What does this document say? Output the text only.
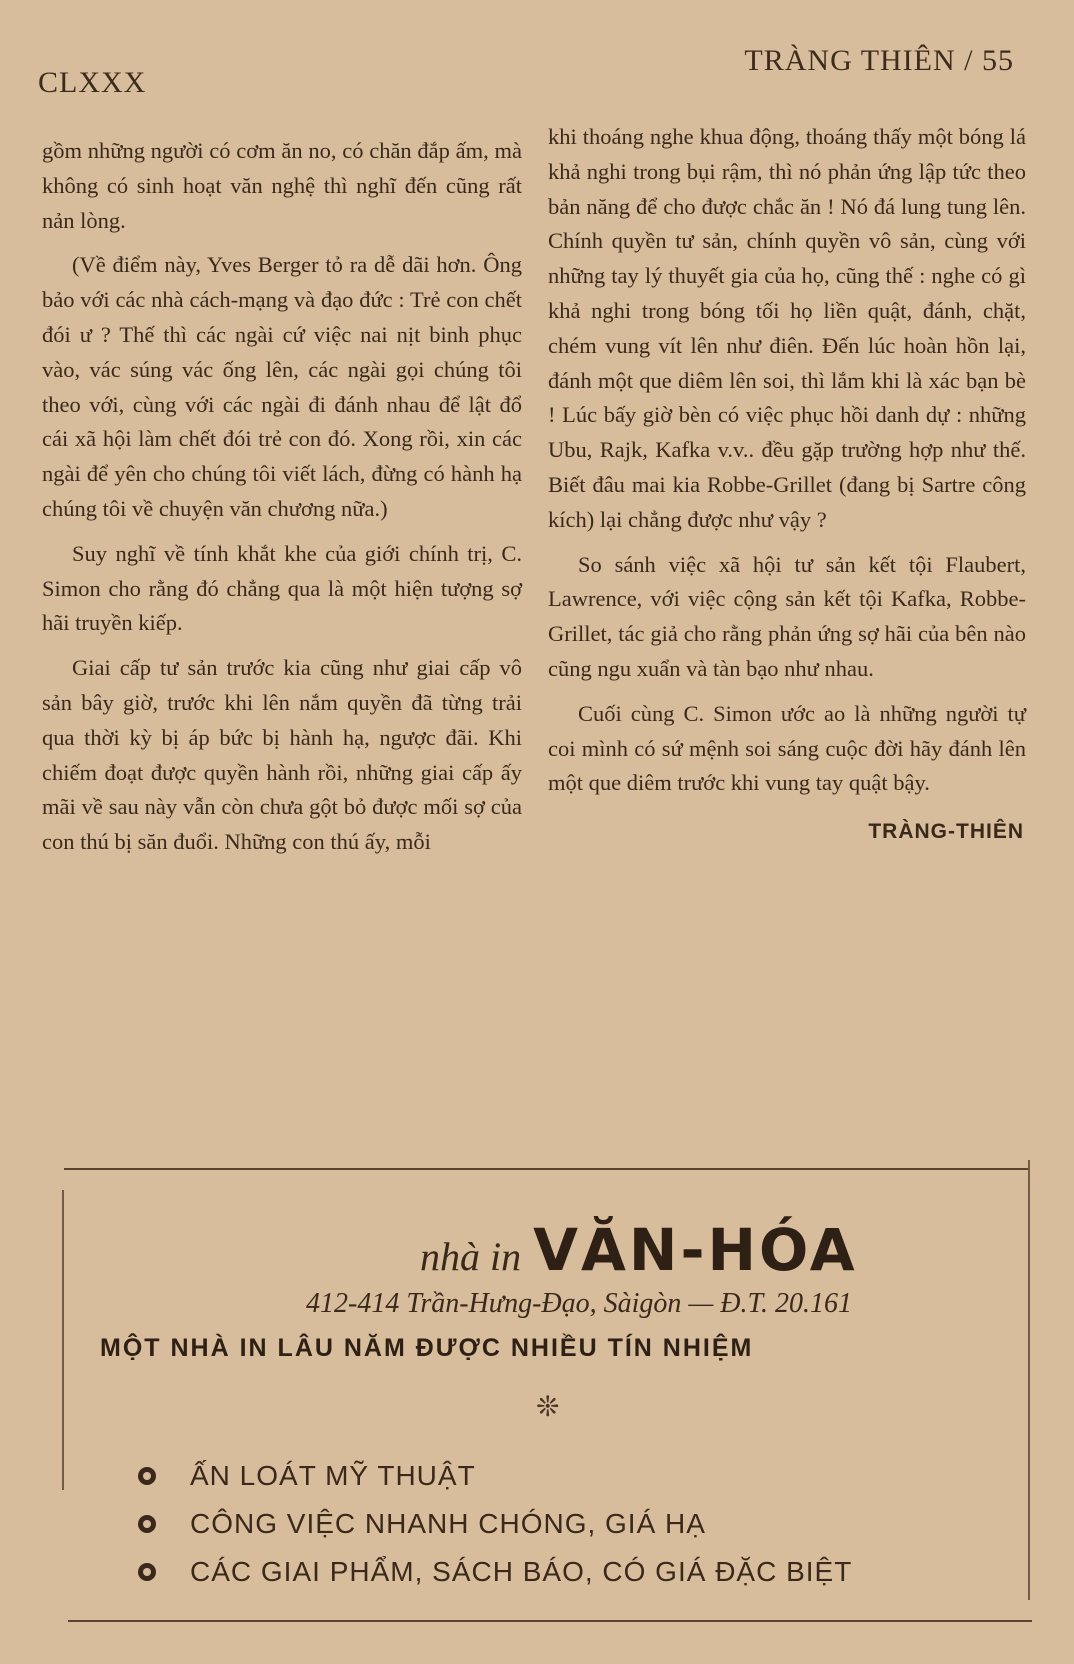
CLXXX
TRÀNG THIÊN / 55

gồm những người có cơm ăn no, có chăn đắp ấm, mà không có sinh hoạt văn nghệ thì nghĩ đến cũng rất nản lòng.

(Về điểm này, Yves Berger tỏ ra dễ dãi hơn. Ông bảo với các nhà cách-mạng và đạo đức : Trẻ con chết đói ư ? Thế thì các ngài cứ việc nai nịt binh phục vào, vác súng vác ống lên, các ngài gọi chúng tôi theo với, cùng với các ngài đi đánh nhau để lật đổ cái xã hội làm chết đói trẻ con đó. Xong rồi, xin các ngài để yên cho chúng tôi viết lách, đừng có hành hạ chúng tôi về chuyện văn chương nữa.)

Suy nghĩ về tính khắt khe của giới chính trị, C. Simon cho rằng đó chẳng qua là một hiện tượng sợ hãi truyền kiếp.

Giai cấp tư sản trước kia cũng như giai cấp vô sản bây giờ, trước khi lên nắm quyền đã từng trải qua thời kỳ bị áp bức bị hành hạ, ngược đãi. Khi chiếm đoạt được quyền hành rồi, những giai cấp ấy mãi về sau này vẫn còn chưa gột bỏ được mối sợ của con thú bị săn đuổi. Những con thú ấy, mỗi

khi thoáng nghe khua động, thoáng thấy một bóng lá khả nghi trong bụi rậm, thì nó phản ứng lập tức theo bản năng để cho được chắc ăn ! Nó đá lung tung lên. Chính quyền tư sản, chính quyền vô sản, cùng với những tay lý thuyết gia của họ, cũng thế : nghe có gì khả nghi trong bóng tối họ liền quật, đánh, chặt, chém vung vít lên như điên. Đến lúc hoàn hồn lại, đánh một que diêm lên soi, thì lắm khi là xác bạn bè ! Lúc bấy giờ bèn có việc phục hồi danh dự : những Ubu, Rajk, Kafka v.v.. đều gặp trường hợp như thế. Biết đâu mai kia Robbe-Grillet (đang bị Sartre công kích) lại chẳng được như vậy ?

So sánh việc xã hội tư sản kết tội Flaubert, Lawrence, với việc cộng sản kết tội Kafka, Robbe-Grillet, tác giả cho rằng phản ứng sợ hãi của bên nào cũng ngu xuẩn và tàn bạo như nhau.

Cuối cùng C. Simon ước ao là những người tự coi mình có sứ mệnh soi sáng cuộc đời hãy đánh lên một que diêm trước khi vung tay quật bậy.

TRÀNG-THIÊN
nhà in VĂN-HÓA
412-414 Trần-Hưng-Đạo, Sàigòn — Đ.T. 20.161
MỘT NHÀ IN LÂU NĂM ĐƯỢC NHIỀU TÍN NHIỆM
❊
ẤN LOÁT MỸ THUẬT
CÔNG VIỆC NHANH CHÓNG, GIÁ HẠ
CÁC GIAI PHẨM, SÁCH BÁO, CÓ GIÁ ĐẶC BIỆT
